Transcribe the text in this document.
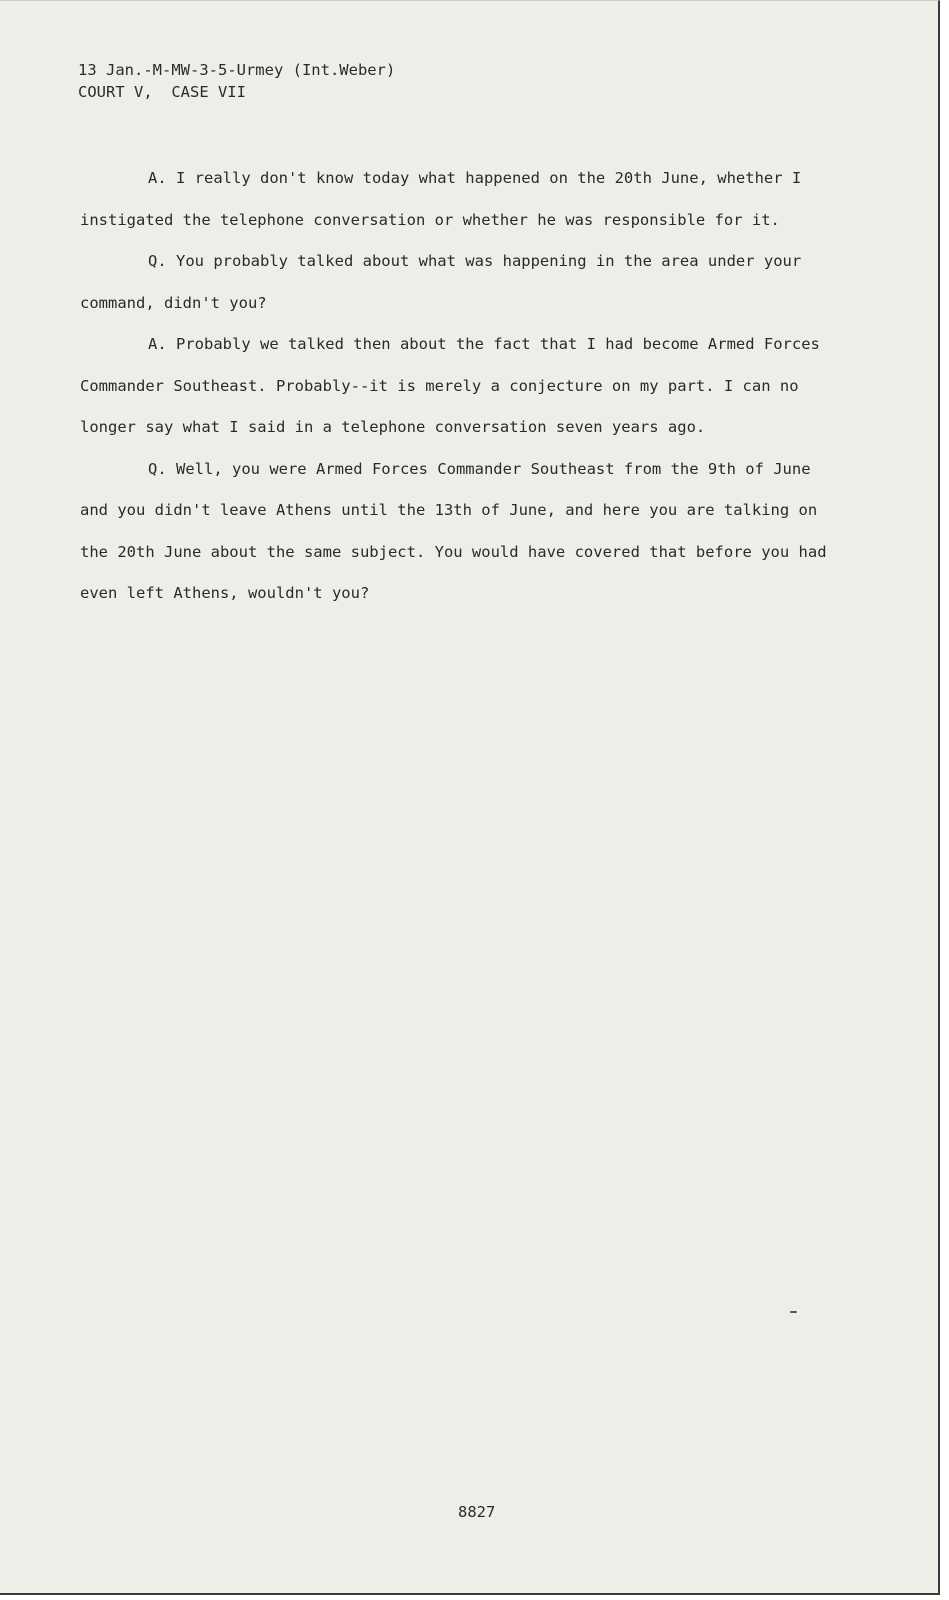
13 Jan.-M-MW-3-5-Urmey (Int.Weber)
COURT V,  CASE VII

A. I really don't know today what happened on the 20th June, whether I instigated the telephone conversation or whether he was responsible for it.

Q. You probably talked about what was happening in the area under your command, didn't you?

A. Probably we talked then about the fact that I had become Armed Forces Commander Southeast. Probably--it is merely a conjecture on my part. I can no longer say what I said in a telephone conversation seven years ago.

Q. Well, you were Armed Forces Commander Southeast from the 9th of June and you didn't leave Athens until the 13th of June, and here you are talking on the 20th June about the same subject. You would have covered that before you had even left Athens, wouldn't you?

8827
